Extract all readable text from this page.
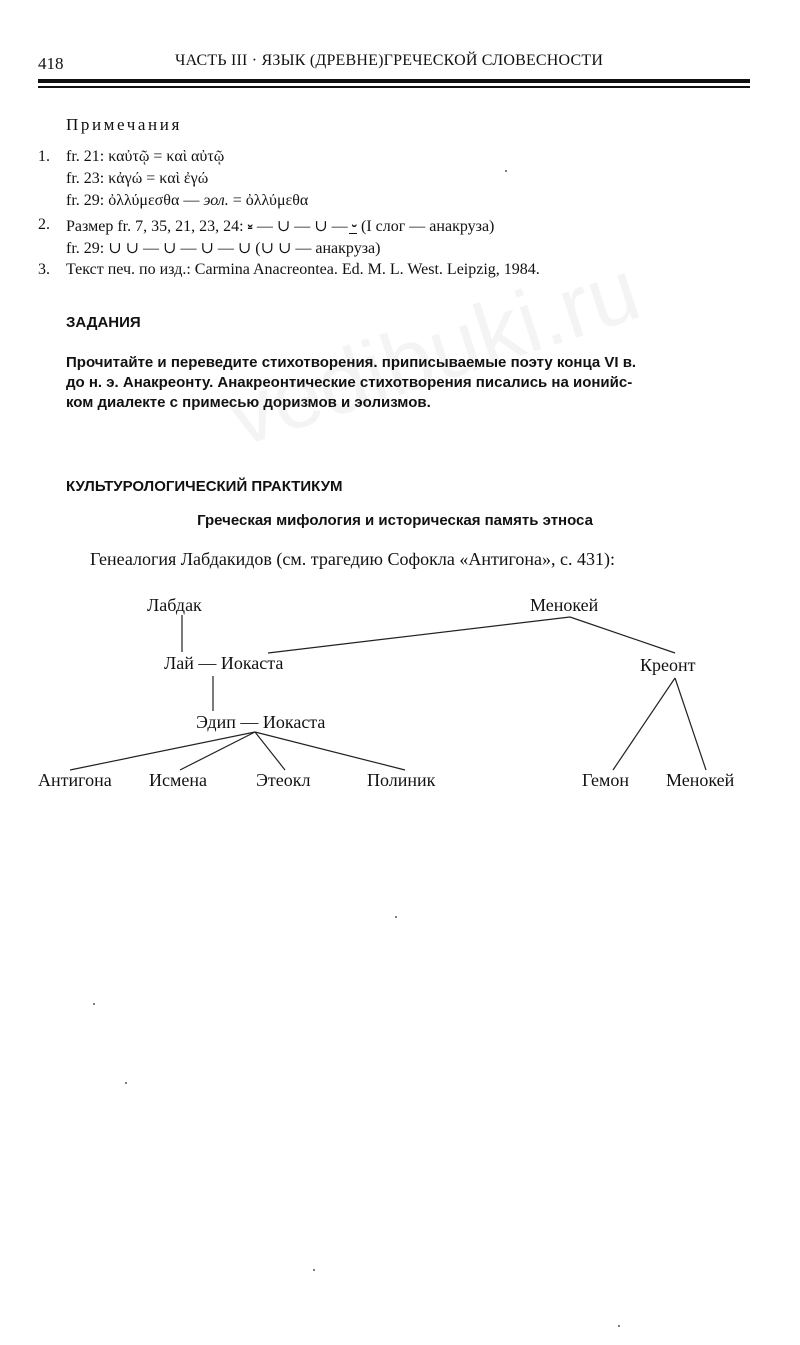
418	ЧАСТЬ III · ЯЗЫК (ДРЕВНЕ)ГРЕЧЕСКОЙ СЛОВЕСНОСТИ
Примечания
1. fr. 21: καὐτῷ = καὶ αὐτῷ
fr. 23: κἀγώ = καὶ ἐγώ
fr. 29: ὀλλύμεσθα — эол. = ὀλλύμεθα
2. Размер fr. 7, 35, 21, 23, 24: ⏓ — ∪ — ∪ — ⏑̲ (I слог — анакруза)
fr. 29: ∪ ∪ — ∪ — ∪ — ∪ (∪ ∪ — анакруза)
3. Текст печ. по изд.: Carmina Anacreontea. Ed. M. L. West. Leipzig, 1984.
ЗАДАНИЯ
Прочитайте и переведите стихотворения. приписываемые поэту конца VI в.
до н. э. Анакреонту. Анакреонтические стихотворения писались на ионийс-
ком диалекте с примесью доризмов и эолизмов.
КУЛЬТУРОЛОГИЧЕСКИЙ ПРАКТИКУМ
Греческая мифология и историческая память этноса
Генеалогия Лабдакидов (см. трагедию Софокла «Антигона», с. 431):
Лабдак	Менокей
Лай — Иокаста	Креонт
Эдип — Иокаста
Антигона Исмена	Этеокл	Полиник	Гемон Менокей
